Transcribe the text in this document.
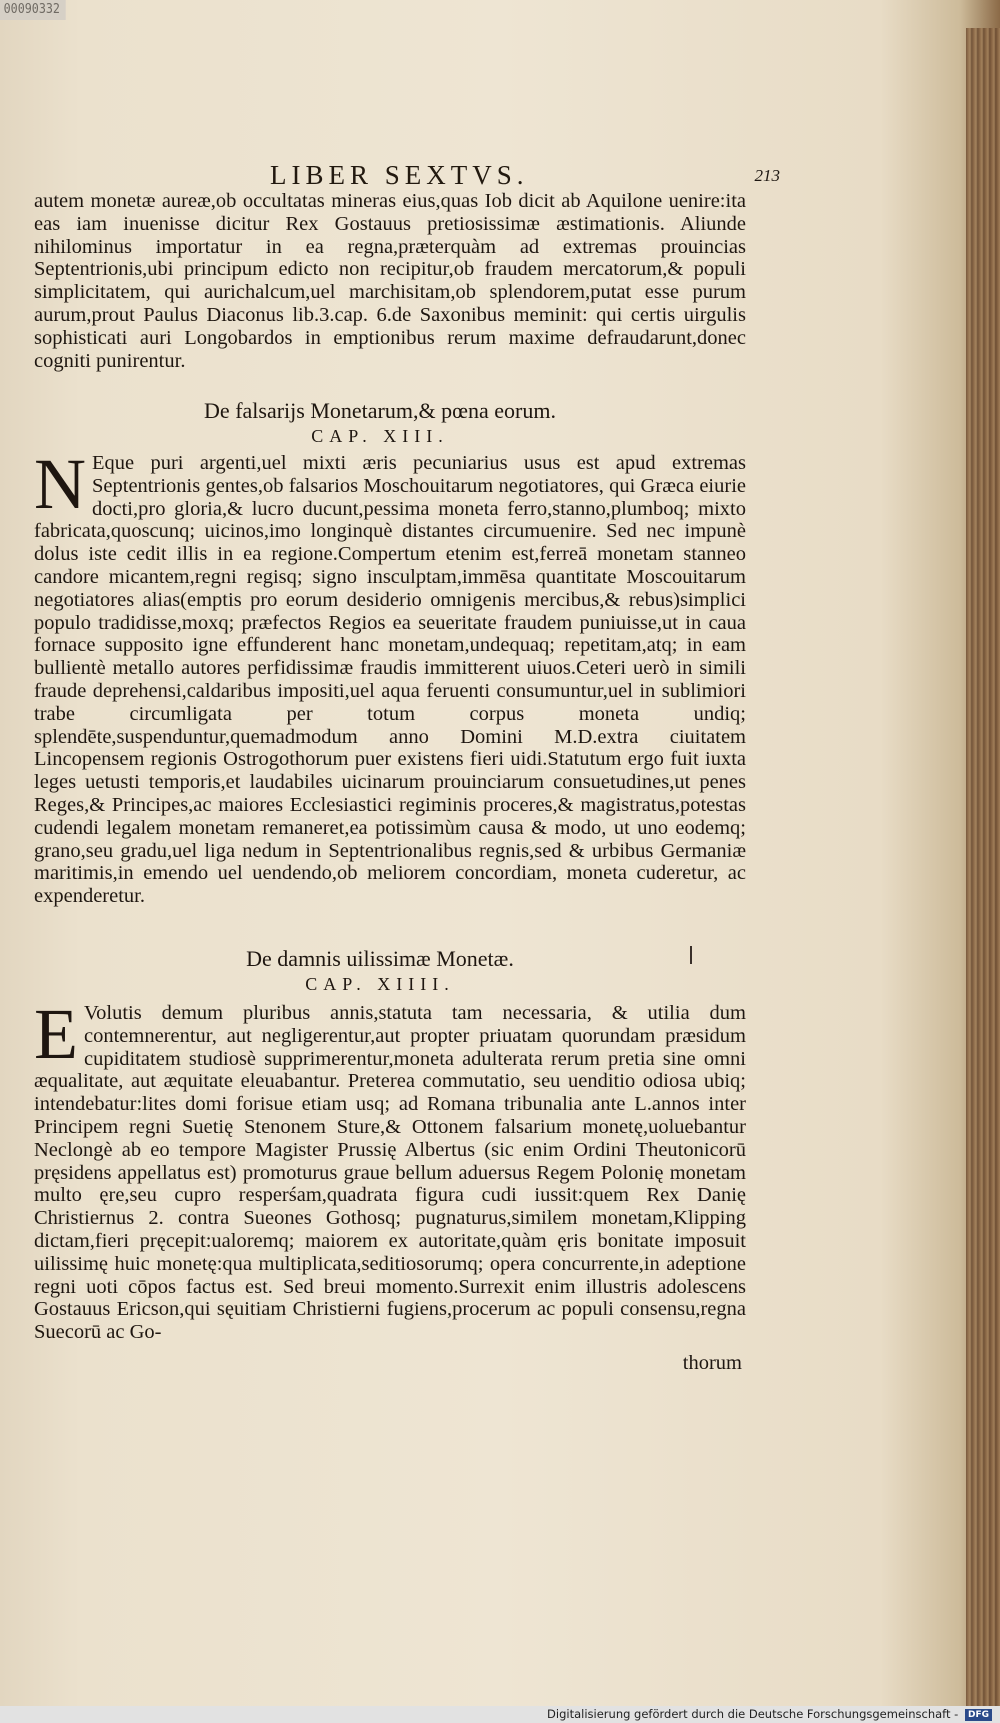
00090332
LIBER SEXTVS.	213

autem monetæ aureæ,ob occultatas mineras eius,quas Iob dicit ab Aquilone uenire:ita eas iam inuenisse dicitur Rex Gostauus pretiosissimæ æstimationis. Aliunde nihilominus importatur in ea regna,præterquàm ad extremas prouincias Septentrionis,ubi principum edicto non recipitur,ob fraudem mercatorum,& populi simplicitatem, qui aurichalcum,uel marchisitam,ob splendorem,putat esse purum aurum,prout Paulus Diaconus lib.3.cap. 6.de Saxonibus meminit: qui certis uirgulis sophisticati auri Longobardos in emptionibus rerum maxime defraudarunt,donec cogniti punirentur.

De falsarijs Monetarum,& pœna eorum.
CAP. XIII.
N Eque puri argenti,uel mixti æris pecuniarius usus est apud extremas Septentrionis gentes,ob falsarios Moschouitarum negotiatores, qui Græca eiurie docti,pro gloria,& lucro ducunt,pessima moneta ferro,stanno,plumboq; mixto fabricata,quoscunq; uicinos,imo longinquè distantes circumuenire. Sed nec impunè dolus iste cedit illis in ea regione.Compertum etenim est,ferreā monetam stanneo candore micantem,regni regisq; signo insculptam,immēsa quantitate Moscouitarum negotiatores alias(emptis pro eorum desiderio omnigenis mercibus,& rebus)simplici populo tradidisse,moxq; præfectos Regios ea seueritate fraudem puniuisse,ut in caua fornace supposito igne effunderent hanc monetam,undequaq; repetitam,atq; in eam bullientè metallo autores perfidissimæ fraudis immitterent uiuos.Ceteri uerò in simili fraude deprehensi,caldaribus impositi,uel aqua feruenti consumuntur,uel in sublimiori trabe circumligata per totum corpus moneta undiq; splendēte,suspenduntur,quemadmodum anno Domini M.D.extra ciuitatem Lincopensem regionis Ostrogothorum puer existens fieri uidi.Statutum ergo fuit iuxta leges uetusti temporis,et laudabiles uicinarum prouinciarum consuetudines,ut penes Reges,& Principes,ac maiores Ecclesiastici regiminis proceres,& magistratus,potestas cudendi legalem monetam remaneret,ea potissimùm causa & modo, ut uno eodemq; grano,seu gradu,uel liga nedum in Septentrionalibus regnis,sed & urbibus Germaniæ maritimis,in emendo uel uendendo,ob meliorem concordiam, moneta cuderetur, ac expenderetur.

De damnis uilissimæ Monetæ.
CAP. XIIII.
E Volutis demum pluribus annis,statuta tam necessaria, & utilia dum contemnerentur, aut negligerentur,aut propter priuatam quorundam præsidum cupiditatem studiosè supprimerentur,moneta adulterata rerum pretia sine omni æqualitate, aut æquitate eleuabantur. Preterea commutatio, seu uenditio odiosa ubiq; intendebatur:lites domi forisue etiam usq; ad Romana tribunalia ante L.annos inter Principem regni Suetię Stenonem Sture,& Ottonem falsarium monetę,uoluebantur Neclongè ab eo tempore Magister Prussię Albertus (sic enim Ordini Theutonicorū pręsidens appellatus est) promoturus graue bellum aduersus Regem Polonię monetam multo ęre,seu cupro resperśam,quadrata figura cudi iussit:quem Rex Danię Christiernus 2. contra Sueones Gothosq; pugnaturus,similem monetam,Klipping dictam,fieri pręcepit:ualoremq; maiorem ex autoritate,quàm ęris bonitate imposuit uilissimę huic monetę:qua multiplicata,seditiosorumq; opera concurrente,in adeptione regni uoti cōpos factus est. Sed breui momento.Surrexit enim illustris adolescens Gostauus Ericson,qui sęuitiam Christierni fugiens,procerum ac populi consensu,regna Suecorū ac Go-

thorum
Digitalisierung gefördert durch die Deutsche Forschungsgemeinschaft - DFG
